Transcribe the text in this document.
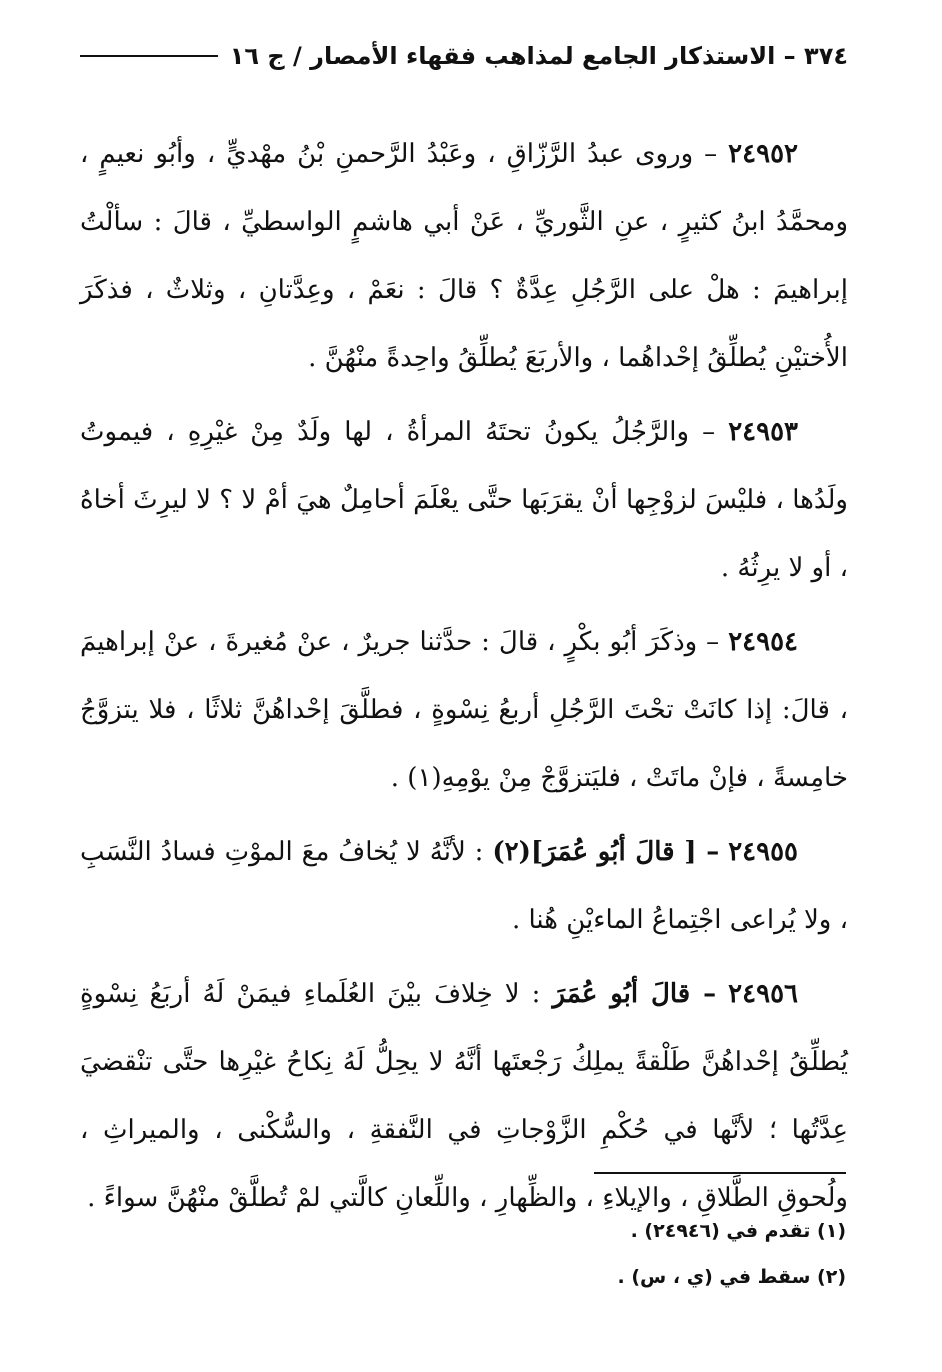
٣٧٤ – الاستذكار الجامع لمذاهب فقهاء الأمصار / ج ١٦

٢٤٩٥٢ – وروى عبدُ الرَّزّاقِ ، وعَبْدُ الرَّحمنِ بْنُ مهْديٍّ ، وأبُو نعيمٍ ، ومحمَّدُ ابنُ كثيرٍ ، عنِ الثَّوريِّ ، عَنْ أبي هاشمٍ الواسطيِّ ، قالَ : سألْتُ إبراهيمَ : هلْ على الرَّجُلِ عِدَّةٌ ؟ قالَ : نعَمْ ، وعِدَّتانِ ، وثلاثٌ ، فذكَرَ الأُختيْنِ يُطلِّقُ إحْداهُما ، والأربَعَ يُطلِّقُ واحِدةً منْهُنَّ .

٢٤٩٥٣ – والرَّجُلُ يكونُ تحتَهُ المرأةُ ، لها ولَدٌ مِنْ غيْرِهِ ، فيموتُ ولَدُها ، فليْسَ لزوْجِها أنْ يقرَبَها حتَّى يعْلَمَ أحامِلٌ هيَ أمْ لا ؟ لا ليرِثَ أخاهُ ، أو لا يرِثُهُ .

٢٤٩٥٤ – وذكَرَ أبُو بكْرٍ ، قالَ : حدَّثنا جريرٌ ، عنْ مُغيرةَ ، عنْ إبراهيمَ ، قالَ: إذا كانَتْ تحْتَ الرَّجُلِ أربعُ نِسْوةٍ ، فطلَّقَ إحْداهُنَّ ثلاثًا ، فلا يتزوَّجُ خامِسةً ، فإنْ ماتَتْ ، فليَتزوَّجْ مِنْ يوْمِهِ(١) .

٢٤٩٥٥ – [ قالَ أبُو عُمَرَ](٢) : لأنَّهُ لا يُخافُ معَ الموْتِ فسادُ النَّسَبِ ، ولا يُراعى اجْتِماعُ الماءيْنِ هُنا .

٢٤٩٥٦ – قالَ أبُو عُمَرَ : لا خِلافَ بيْنَ العُلَماءِ فيمَنْ لَهُ أربَعُ نِسْوةٍ يُطلِّقُ إحْداهُنَّ طَلْقةً يملِكُ رَجْعتَها أنَّهُ لا يحِلُّ لَهُ نِكاحُ غيْرِها حتَّى تنْقضيَ عِدَّتُها ؛ لأنَّها في حُكْمِ الزَّوْجاتِ في النَّفقةِ ، والسُّكْنى ، والميراثِ ، ولُحوقِ الطَّلاقِ ، والإيلاءِ ، والظِّهارِ ، واللِّعانِ كالَّتي لمْ تُطلَّقْ منْهُنَّ سواءً .

(١) تقدم في (٢٤٩٤٦) .

(٢) سقط في (ي ، س) .
